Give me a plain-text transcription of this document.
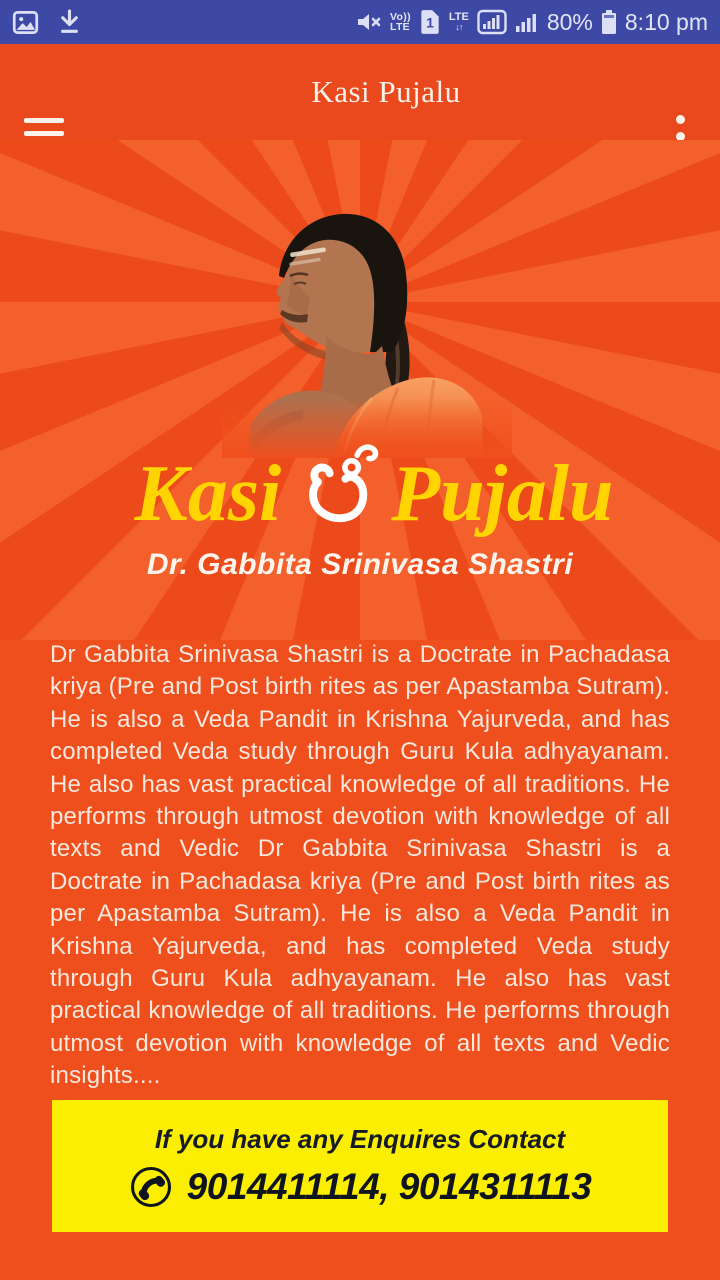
Vo))
LTE 1 LTE
↓↑	80% 8:10 pm
Kasi Pujalu
Kasi Pujalu
Dr. Gabbita Srinivasa Shastri

Dr Gabbita Srinivasa Shastri is a Doctrate in Pachadasa kriya (Pre and Post birth rites as per Apastamba Sutram). He is also a Veda Pandit in Krishna Yajurveda, and has completed Veda study through Guru Kula adhyayanam. He also has vast practical knowledge of all traditions. He performs through utmost devotion with knowledge of all texts and Vedic Dr Gabbita Srinivasa Shastri is a Doctrate in Pachadasa kriya (Pre and Post birth rites as per Apastamba Sutram). He is also a Veda Pandit in Krishna Yajurveda, and has completed Veda study through Guru Kula adhyayanam. He also has vast practical knowledge of all traditions. He performs through utmost devotion with knowledge of all texts and Vedic insights....

If you have any Enquires Contact
9014411114, 9014311113
